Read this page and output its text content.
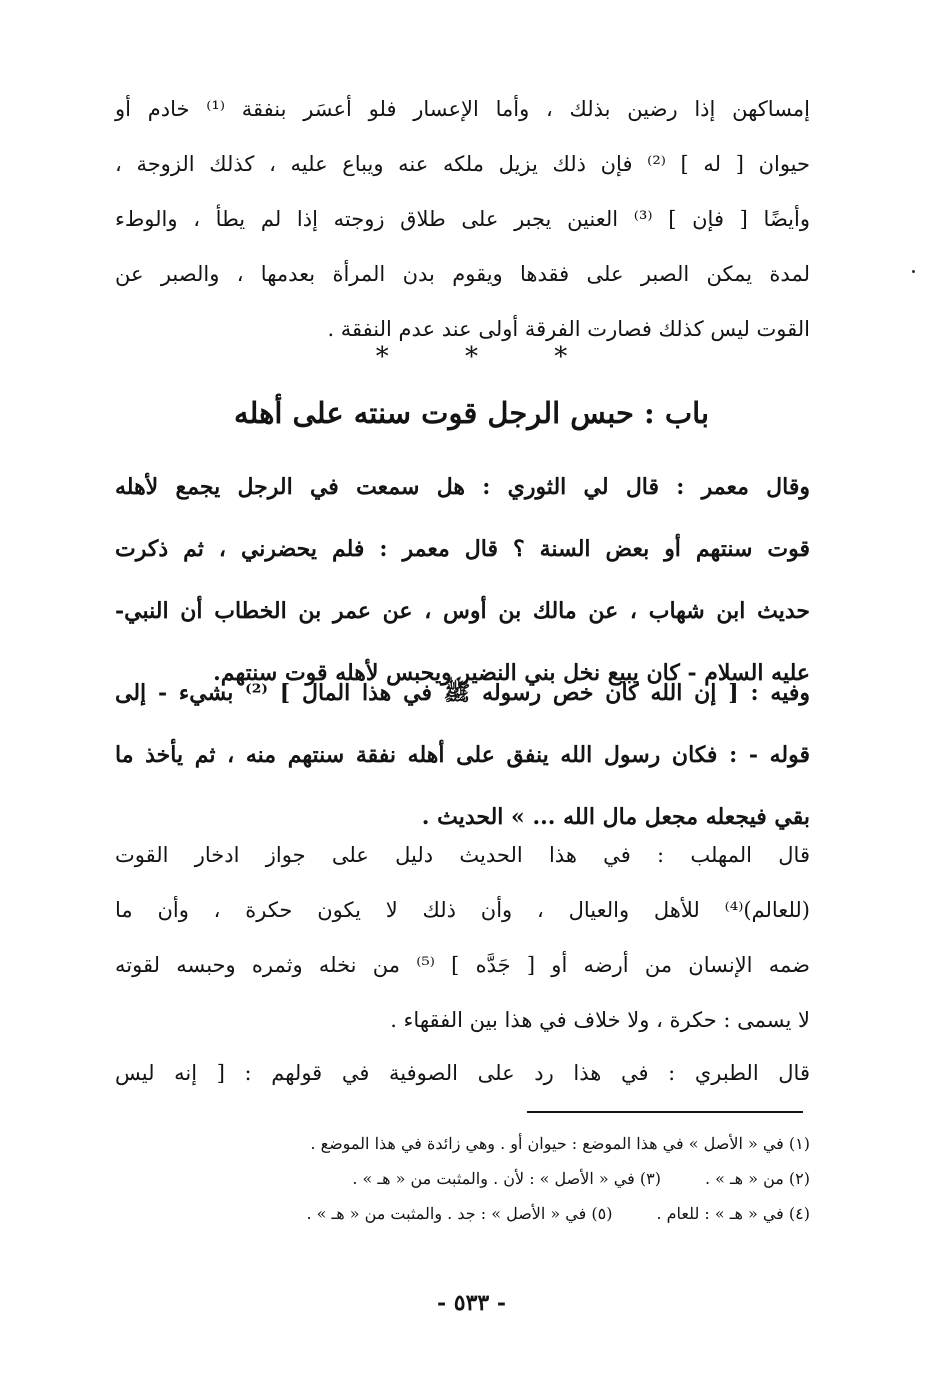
إمساكهن إذا رضين بذلك ، وأما الإعسار فلو أعسَر بنفقة ⁽¹⁾ خادم أو
حيوان [ له ] ⁽²⁾ فإن ذلك يزيل ملكه عنه ويباع عليه ، كذلك الزوجة ،
وأيضًا [ فإن ] ⁽³⁾ العنين يجبر على طلاق زوجته إذا لم يطأ ، والوطء
لمدة يمكن الصبر على فقدها ويقوم بدن المرأة بعدمها ، والصبر عن
القوت ليس كذلك فصارت الفرقة أولى عند عدم النفقة .
*	*	*
باب : حبس الرجل قوت سنته على أهله
وقال معمر : قال لي الثوري : هل سمعت في الرجل يجمع لأهله
قوت سنتهم أو بعض السنة ؟ قال معمر : فلم يحضرني ، ثم ذكرت
حديث ابن شهاب ، عن مالك بن أوس ، عن عمر بن الخطاب أن النبي-
عليه السلام - كان يبيع نخل بني النضير ويحبس لأهله قوت سنتهم.
وفيه : [ إن الله كان خص رسوله ﷺ في هذا المال ] ⁽²⁾ بشيء - إلى
قوله - : فكان رسول الله ينفق على أهله نفقة سنتهم منه ، ثم يأخذ ما
بقي فيجعله مجعل مال الله ... » الحديث .
قال المهلب : في هذا الحديث دليل على جواز ادخار القوت
(للعالم)⁽⁴⁾ للأهل والعيال ، وأن ذلك لا يكون حكرة ، وأن ما
ضمه الإنسان من أرضه أو [ جَدَّه ] ⁽⁵⁾ من نخله وثمره وحبسه لقوته
لا يسمى : حكرة ، ولا خلاف في هذا بين الفقهاء .
قال الطبري : في هذا رد على الصوفية في قولهم : [ إنه ليس
(١) في « الأصل » في هذا الموضع : حيوان أو . وهي زائدة في هذا الموضع .
(٢) من « هـ » .(٣) في « الأصل » : لأن . والمثبت من « هـ » .
(٤) في « هـ » : للعام .(٥) في « الأصل » : جد . والمثبت من « هـ » .
- ٥٣٣ -
